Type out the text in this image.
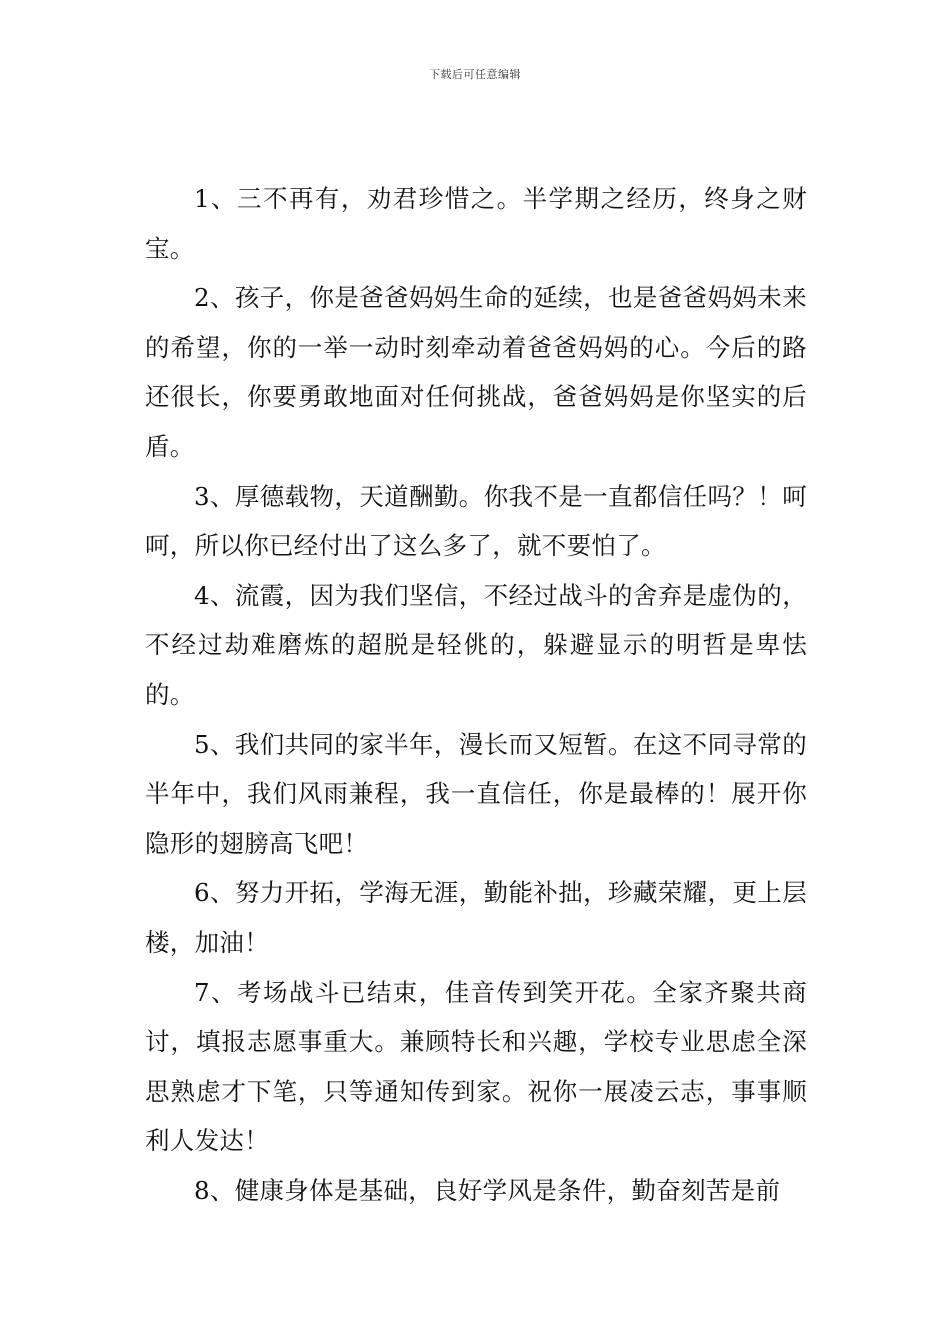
下载后可任意编辑

1、三不再有，劝君珍惜之。半学期之经历，终身之财宝。

2、孩子，你是爸爸妈妈生命的延续，也是爸爸妈妈未来的希望，你的一举一动时刻牵动着爸爸妈妈的心。今后的路还很长，你要勇敢地面对任何挑战，爸爸妈妈是你坚实的后盾。

3、厚德载物，天道酬勤。你我不是一直都信任吗？！呵呵，所以你已经付出了这么多了，就不要怕了。

4、流霞，因为我们坚信，不经过战斗的舍弃是虚伪的，不经过劫难磨炼的超脱是轻佻的，躲避显示的明哲是卑怯的。

5、我们共同的家半年，漫长而又短暂。在这不同寻常的半年中，我们风雨兼程，我一直信任，你是最棒的！展开你隐形的翅膀高飞吧！

6、努力开拓，学海无涯，勤能补拙，珍藏荣耀，更上层楼，加油！

7、考场战斗已结束，佳音传到笑开花。全家齐聚共商讨，填报志愿事重大。兼顾特长和兴趣，学校专业思虑全深思熟虑才下笔，只等通知传到家。祝你一展凌云志，事事顺利人发达！

8、健康身体是基础，良好学风是条件，勤奋刻苦是前
